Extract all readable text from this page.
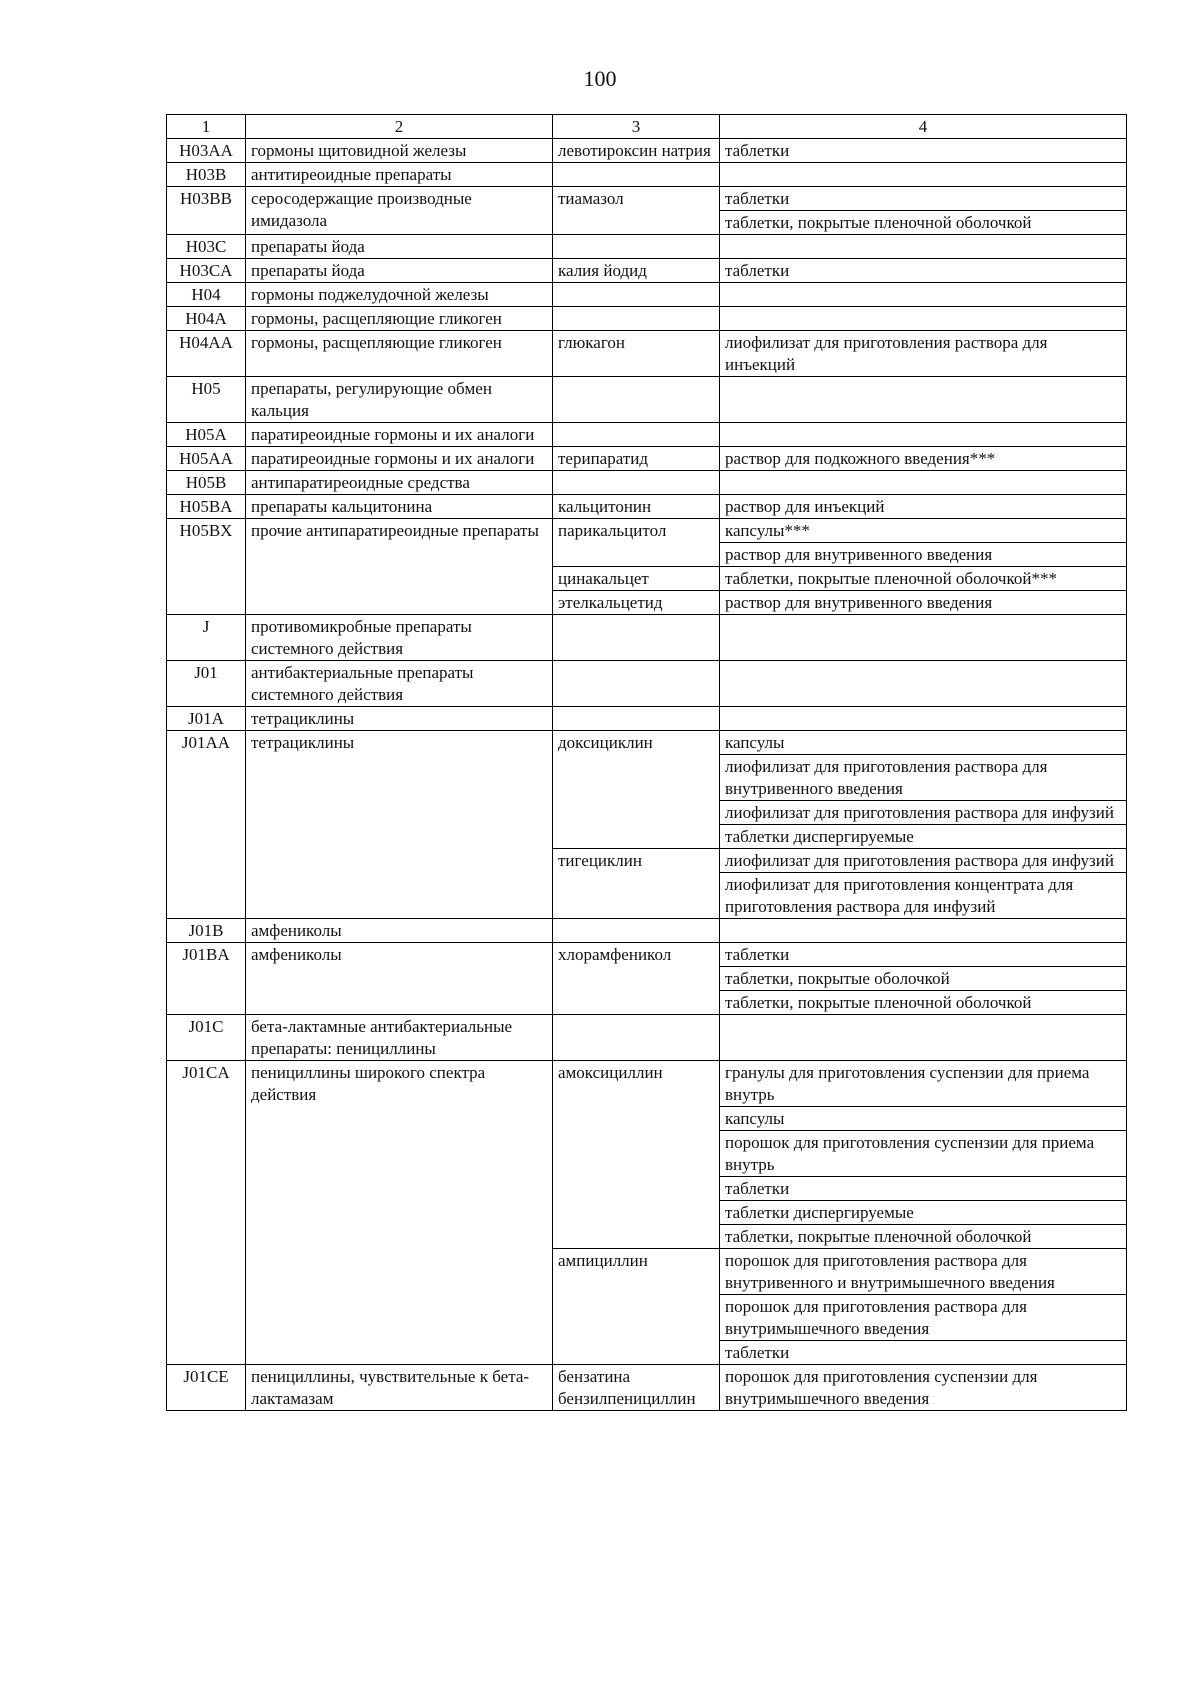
100
1	2	3	4
H03AA	гормоны щитовидной железы	левотироксин натрия	таблетки
H03B	антитиреоидные препараты		
H03BB	серосодержащие производные имидазола	тиамазол	таблетки
			таблетки, покрытые пленочной оболочкой
H03C	препараты йода		
H03CA	препараты йода	калия йодид	таблетки
H04	гормоны поджелудочной железы		
H04A	гормоны, расщепляющие гликоген		
H04AA	гормоны, расщепляющие гликоген	глюкагон	лиофилизат для приготовления раствора для инъекций
H05	препараты, регулирующие обмен кальция		
H05A	паратиреоидные гормоны и их аналоги		
H05AA	паратиреоидные гормоны и их аналоги	терипаратид	раствор для подкожного введения***
H05B	антипаратиреоидные средства		
H05BA	препараты кальцитонина	кальцитонин	раствор для инъекций
H05BX	прочие антипаратиреоидные препараты	парикальцитол	капсулы***
			раствор для внутривенного введения
		цинакальцет	таблетки, покрытые пленочной оболочкой***
		этелкальцетид	раствор для внутривенного введения
J	противомикробные препараты системного действия		
J01	антибактериальные препараты системного действия		
J01A	тетрациклины		
J01AA	тетрациклины	доксициклин	капсулы
			лиофилизат для приготовления раствора для внутривенного введения
			лиофилизат для приготовления раствора для инфузий
			таблетки диспергируемые
		тигециклин	лиофилизат для приготовления раствора для инфузий
			лиофилизат для приготовления концентрата для приготовления раствора для инфузий
J01B	амфениколы		
J01BA	амфениколы	хлорамфеникол	таблетки
			таблетки, покрытые оболочкой
			таблетки, покрытые пленочной оболочкой
J01C	бета-лактамные антибактериальные препараты: пенициллины		
J01CA	пенициллины широкого спектра действия	амоксициллин	гранулы для приготовления суспензии для приема внутрь
			капсулы
			порошок для приготовления суспензии для приема внутрь
			таблетки
			таблетки диспергируемые
			таблетки, покрытые пленочной оболочкой
		ампициллин	порошок для приготовления раствора для внутривенного и внутримышечного введения
			порошок для приготовления раствора для внутримышечного введения
			таблетки
J01CE	пенициллины, чувствительные к бета-лактамазам	бензатина бензилпенициллин	порошок для приготовления суспензии для внутримышечного введения
